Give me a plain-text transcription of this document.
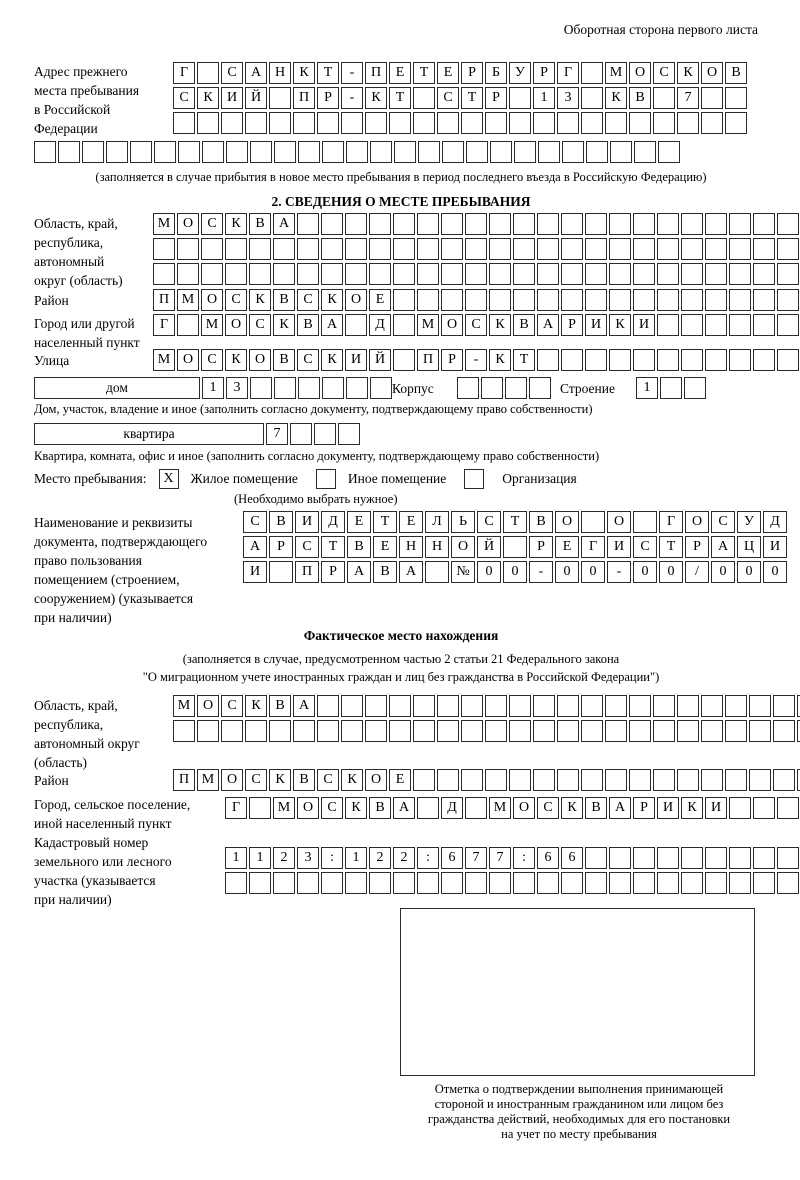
Оборотная сторона первого листа
Адрес прежнего
места пребывания
в Российской
Федерации
Г	С	А Н	К	Т	-	П	Е	Т	Е	Р	Б	У	Р	Г	М О	С	К	О	В
С	К	И Й	П	Р	-	К	Т	С	Т	Р	1	3	К	В	7
(заполняется в случае прибытия в новое место пребывания в период последнего въезда в Российскую Федерацию)
2. СВЕДЕНИЯ О МЕСТЕ ПРЕБЫВАНИЯ
Область, край,
республика,
автономный
округ (область)
М О	С	К	В	А
Район	П М О	С	К	В	С	К	О	Е
Город или другой
населенный пункт
Г	М О	С	К	В	А	Д	М О	С	К	В	А	Р	И	К	И
Улица	М О	С	К	О	В	С	К	И Й	П	Р	-	К	Т
дом	1	3	Корпус	Строение	1
Дом, участок, владение и иное (заполнить согласно документу, подтверждающему право собственности)
квартира	7
Квартира, комната, офис и иное (заполнить согласно документу, подтверждающему право собственности)
Место пребывания: Х Жилое помещение	Иное помещение	Организация
(Необходимо выбрать нужное)
Наименование и реквизиты
документа, подтверждающего
право пользования
помещением (строением,
сооружением) (указывается
при наличии)
С	В	И	Д	Е	Т	Е	Л	Ь	С	Т	В	О	О	Г	О	С	У	Д
А	Р	С	Т	В	Е	Н	Н	О	Й	Р	Е	Г	И	С	Т	Р	А	Ц	И
И	П	Р	А	В	А	№	0	0	-	0	0	-	0	0	/	0	0	0
Фактическое место нахождения
(заполняется в случае, предусмотренном частью 2 статьи 21 Федерального закона
"О миграционном учете иностранных граждан и лиц без гражданства в Российской Федерации")
Область, край,
республика,
автономный округ
(область)
М О	С	К	В	А
Район	П М О	С	К	В	С	К	О	Е
Город, сельское поселение,
иной населенный пункт
Г	М О	С	К	В	А	Д	М О	С	К	В	А	Р	И	К	И
Кадастровый номер
земельного или лесного
участка (указывается
при наличии)
1	1	2	3	:	1	2	2	:	6	7	7	:	6	6
Отметка о подтверждении выполнения принимающей
стороной и иностранным гражданином или лицом без
гражданства действий, необходимых для его постановки
на учет по месту пребывания
